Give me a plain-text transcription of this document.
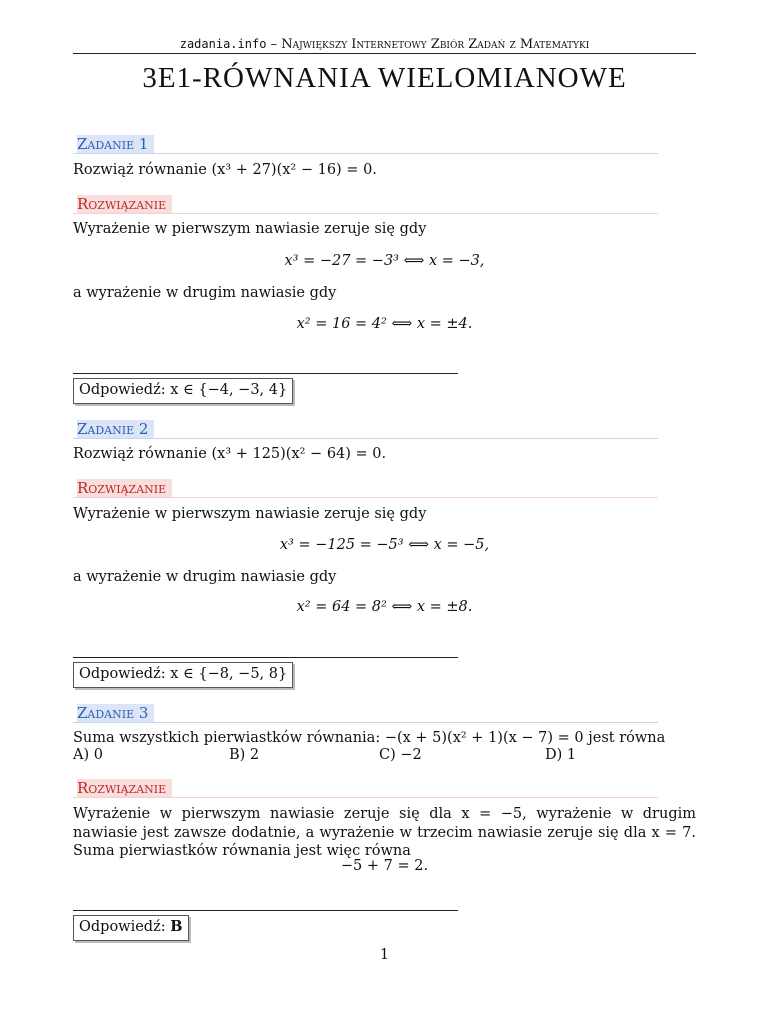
zadania.info – Największy Internetowy Zbiór Zadań z Matematyki
3E1-RÓWNANIA WIELOMIANOWE
Zadanie 1
Rozwiąż równanie (x³ + 27)(x² − 16) = 0.
Rozwiązanie
Wyrażenie w pierwszym nawiasie zeruje się gdy
x³ = −27 = −3³ ⟺ x = −3,
a wyrażenie w drugim nawiasie gdy
x² = 16 = 4² ⟺ x = ±4.
Odpowiedź: x ∈ {−4, −3, 4}
Zadanie 2
Rozwiąż równanie (x³ + 125)(x² − 64) = 0.
Rozwiązanie
Wyrażenie w pierwszym nawiasie zeruje się gdy
x³ = −125 = −5³ ⟺ x = −5,
a wyrażenie w drugim nawiasie gdy
x² = 64 = 8² ⟺ x = ±8.
Odpowiedź: x ∈ {−8, −5, 8}
Zadanie 3
Suma wszystkich pierwiastków równania: −(x + 5)(x² + 1)(x − 7) = 0 jest równa
A) 0	B) 2	C) −2	D) 1
Rozwiązanie
Wyrażenie w pierwszym nawiasie zeruje się dla x = −5, wyrażenie w drugim nawiasie jest zawsze dodatnie, a wyrażenie w trzecim nawiasie zeruje się dla x = 7. Suma pierwiastków równania jest więc równa
−5 + 7 = 2.
Odpowiedź: B
1
